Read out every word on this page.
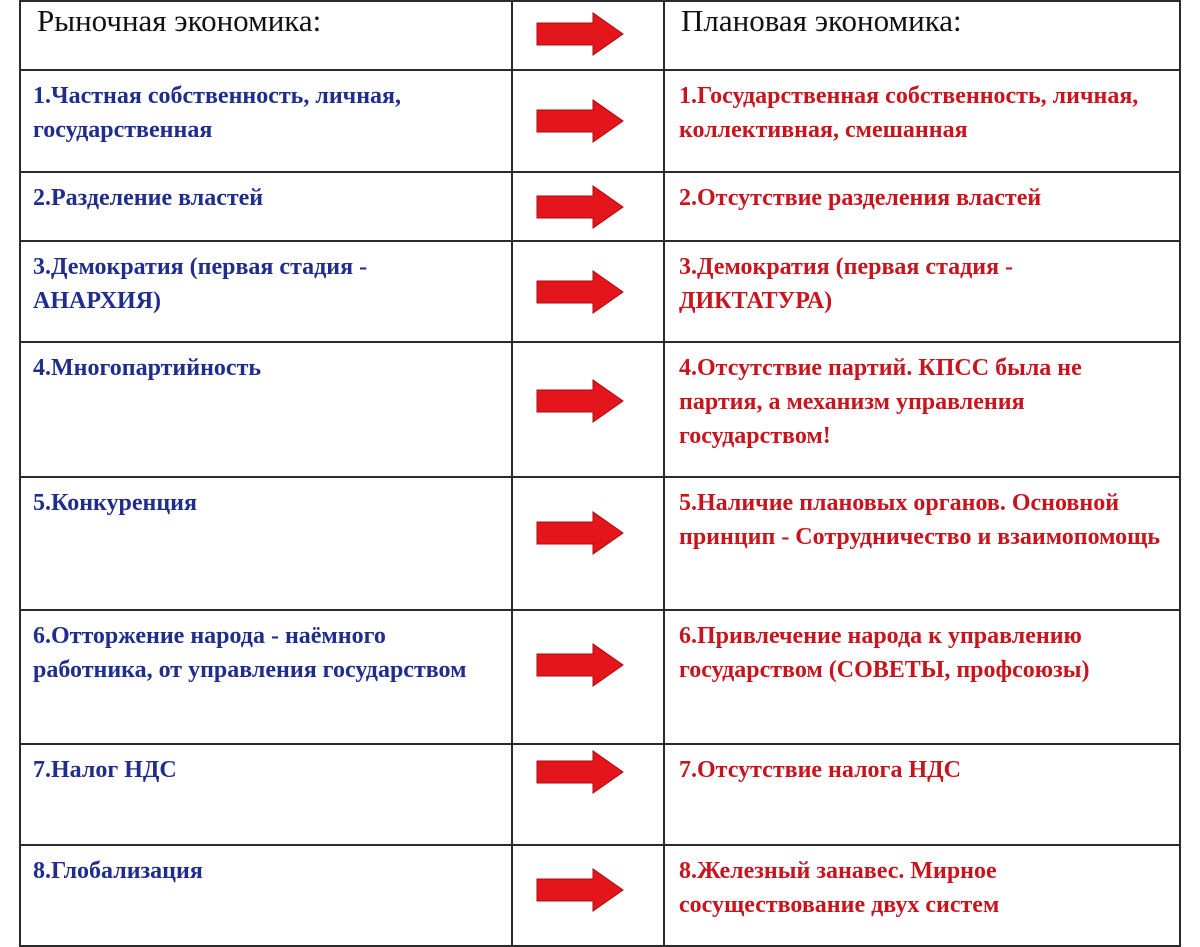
Рыночная экономика:		Плановая экономика:

1.Частная собственность, личная, государственная		1.Государственная собственность, личная, коллективная, смешанная

2.Разделение властей		2.Отсутствие разделения властей

3.Демократия (первая стадия - АНАРХИЯ)		3.Демократия (первая стадия - ДИКТАТУРА)

4.Многопартийность		4.Отсутствие партий. КПСС была не партия, а механизм управления государством!

5.Конкуренция		5.Наличие плановых органов. Основной принцип - Сотрудничество и взаимопомощь

6.Отторжение народа - наёмного работника, от управления государством		6.Привлечение народа к управлению государством (СОВЕТЫ, профсоюзы)

7.Налог НДС		7.Отсутствие налога НДС

8.Глобализация		8.Железный занавес. Мирное сосуществование двух систем
